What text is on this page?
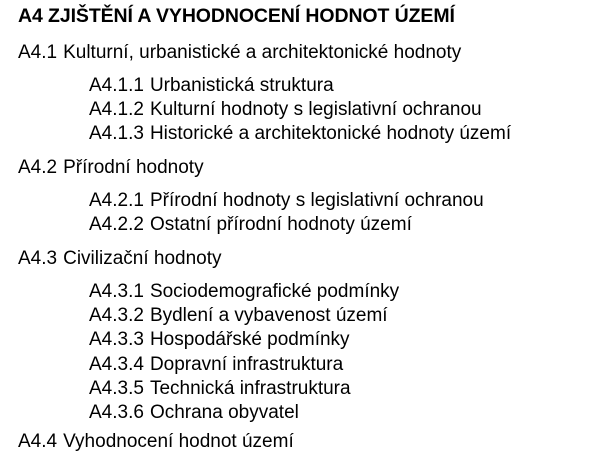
A4 ZJIŠTĚNÍ A VYHODNOCENÍ HODNOT ÚZEMÍ
A4.1 Kulturní, urbanistické a architektonické hodnoty
A4.1.1 Urbanistická struktura
A4.1.2 Kulturní hodnoty s legislativní ochranou
A4.1.3 Historické a architektonické hodnoty území
A4.2 Přírodní hodnoty
A4.2.1 Přírodní hodnoty s legislativní ochranou
A4.2.2 Ostatní přírodní hodnoty území
A4.3 Civilizační hodnoty
A4.3.1 Sociodemografické podmínky
A4.3.2 Bydlení a vybavenost území
A4.3.3 Hospodářské podmínky
A4.3.4 Dopravní infrastruktura
A4.3.5 Technická infrastruktura
A4.3.6 Ochrana obyvatel
A4.4 Vyhodnocení hodnot území
